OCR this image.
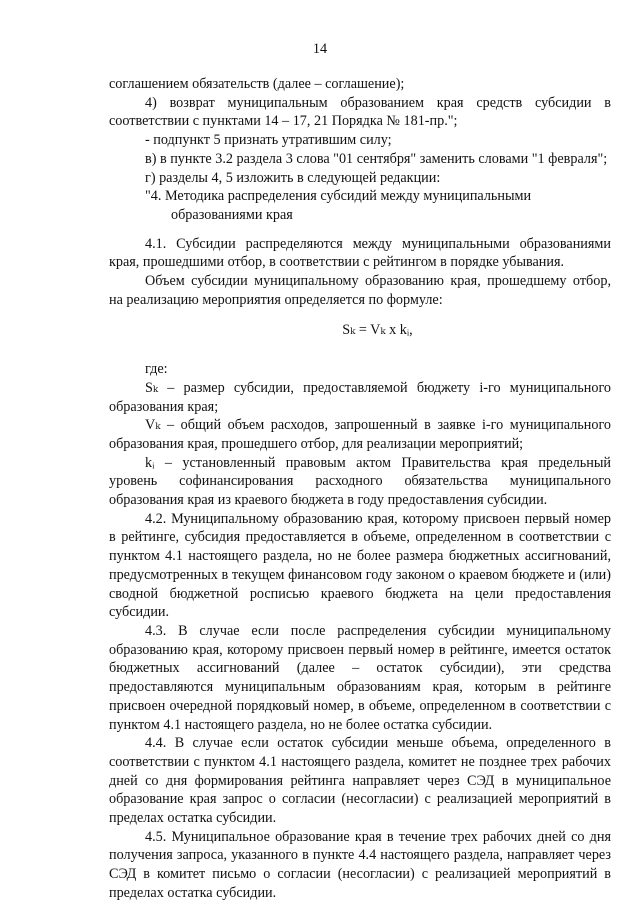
14

соглашением обязательств (далее – соглашение);

4) возврат муниципальным образованием края средств субсидии в соответствии с пунктами 14 – 17, 21 Порядка № 181-пр.";

- подпункт 5 признать утратившим силу;

в) в пункте 3.2 раздела 3 слова "01 сентября" заменить словами "1 февраля";

г) разделы 4, 5 изложить в следующей редакции:

"4. Методика распределения субсидий между муниципальными
образованиями края

4.1. Субсидии распределяются между муниципальными образованиями края, прошедшими отбор, в соответствии с рейтингом в порядке убывания.

Объем субсидии муниципальному образованию края, прошедшему отбор, на реализацию мероприятия определяется по формуле:

Sₖ = Vₖ x kᵢ,

где:

Sₖ – размер субсидии, предоставляемой бюджету i-го муниципального образования края;

Vₖ – общий объем расходов, запрошенный в заявке i-го муниципального образования края, прошедшего отбор, для реализации мероприятий;

kᵢ – установленный правовым актом Правительства края предельный уровень софинансирования расходного обязательства муниципального образования края из краевого бюджета в году предоставления субсидии.

4.2. Муниципальному образованию края, которому присвоен первый номер в рейтинге, субсидия предоставляется в объеме, определенном в соответствии с пунктом 4.1 настоящего раздела, но не более размера бюджетных ассигнований, предусмотренных в текущем финансовом году законом о краевом бюджете и (или) сводной бюджетной росписью краевого бюджета на цели предоставления субсидии.

4.3. В случае если после распределения субсидии муниципальному образованию края, которому присвоен первый номер в рейтинге, имеется остаток бюджетных ассигнований (далее – остаток субсидии), эти средства предоставляются муниципальным образованиям края, которым в рейтинге присвоен очередной порядковый номер, в объеме, определенном в соответствии с пунктом 4.1 настоящего раздела, но не более остатка субсидии.

4.4. В случае если остаток субсидии меньше объема, определенного в соответствии с пунктом 4.1 настоящего раздела, комитет не позднее трех рабочих дней со дня формирования рейтинга направляет через СЭД в муниципальное образование края запрос о согласии (несогласии) с реализацией мероприятий в пределах остатка субсидии.

4.5. Муниципальное образование края в течение трех рабочих дней со дня получения запроса, указанного в пункте 4.4 настоящего раздела, направляет через СЭД в комитет письмо о согласии (несогласии) с реализацией мероприятий в пределах остатка субсидии.
